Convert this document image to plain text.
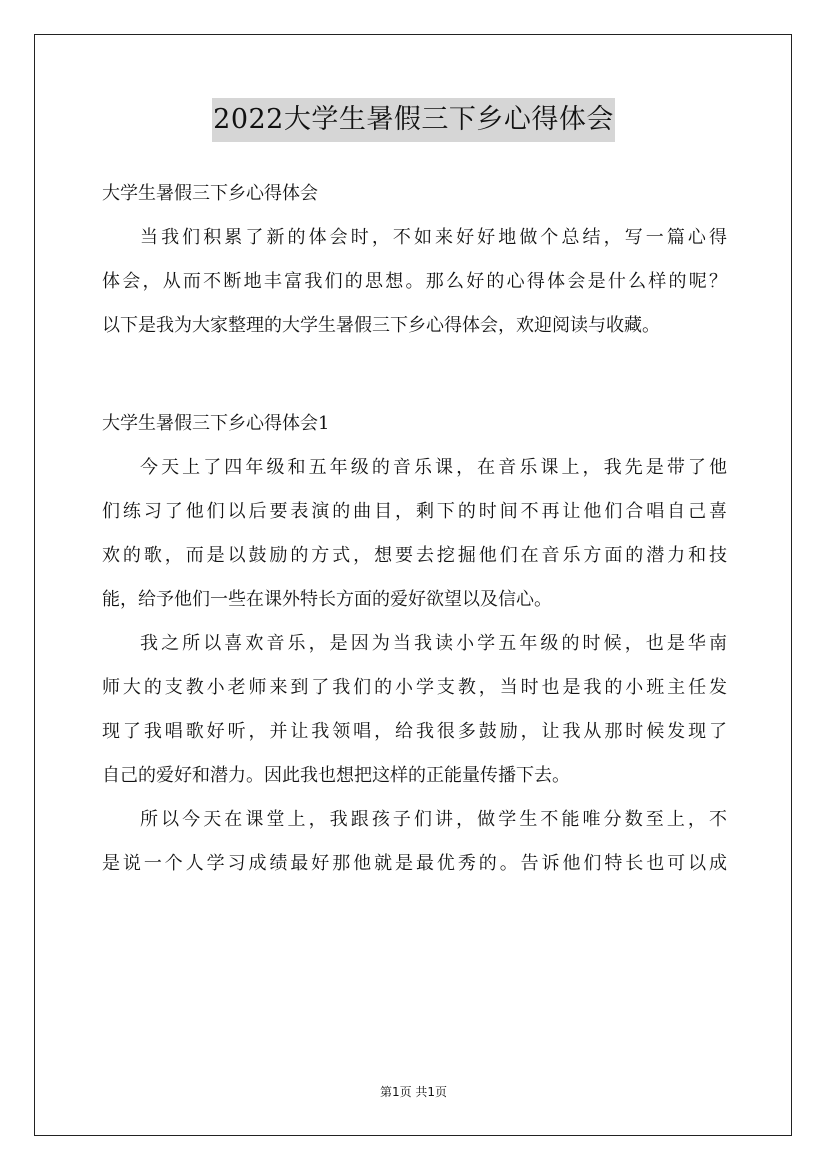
2022大学生暑假三下乡心得体会
大学生暑假三下乡心得体会
当我们积累了新的体会时，不如来好好地做个总结，写一篇心得
体会，从而不断地丰富我们的思想。那么好的心得体会是什么样的呢？
以下是我为大家整理的大学生暑假三下乡心得体会，欢迎阅读与收藏。
大学生暑假三下乡心得体会1
今天上了四年级和五年级的音乐课，在音乐课上，我先是带了他
们练习了他们以后要表演的曲目，剩下的时间不再让他们合唱自己喜
欢的歌，而是以鼓励的方式，想要去挖掘他们在音乐方面的潜力和技
能，给予他们一些在课外特长方面的爱好欲望以及信心。
我之所以喜欢音乐，是因为当我读小学五年级的时候，也是华南
师大的支教小老师来到了我们的小学支教，当时也是我的小班主任发
现了我唱歌好听，并让我领唱，给我很多鼓励，让我从那时候发现了
自己的爱好和潜力。因此我也想把这样的正能量传播下去。
所以今天在课堂上，我跟孩子们讲，做学生不能唯分数至上，不
是说一个人学习成绩最好那他就是最优秀的。告诉他们特长也可以成
第1页 共1页
